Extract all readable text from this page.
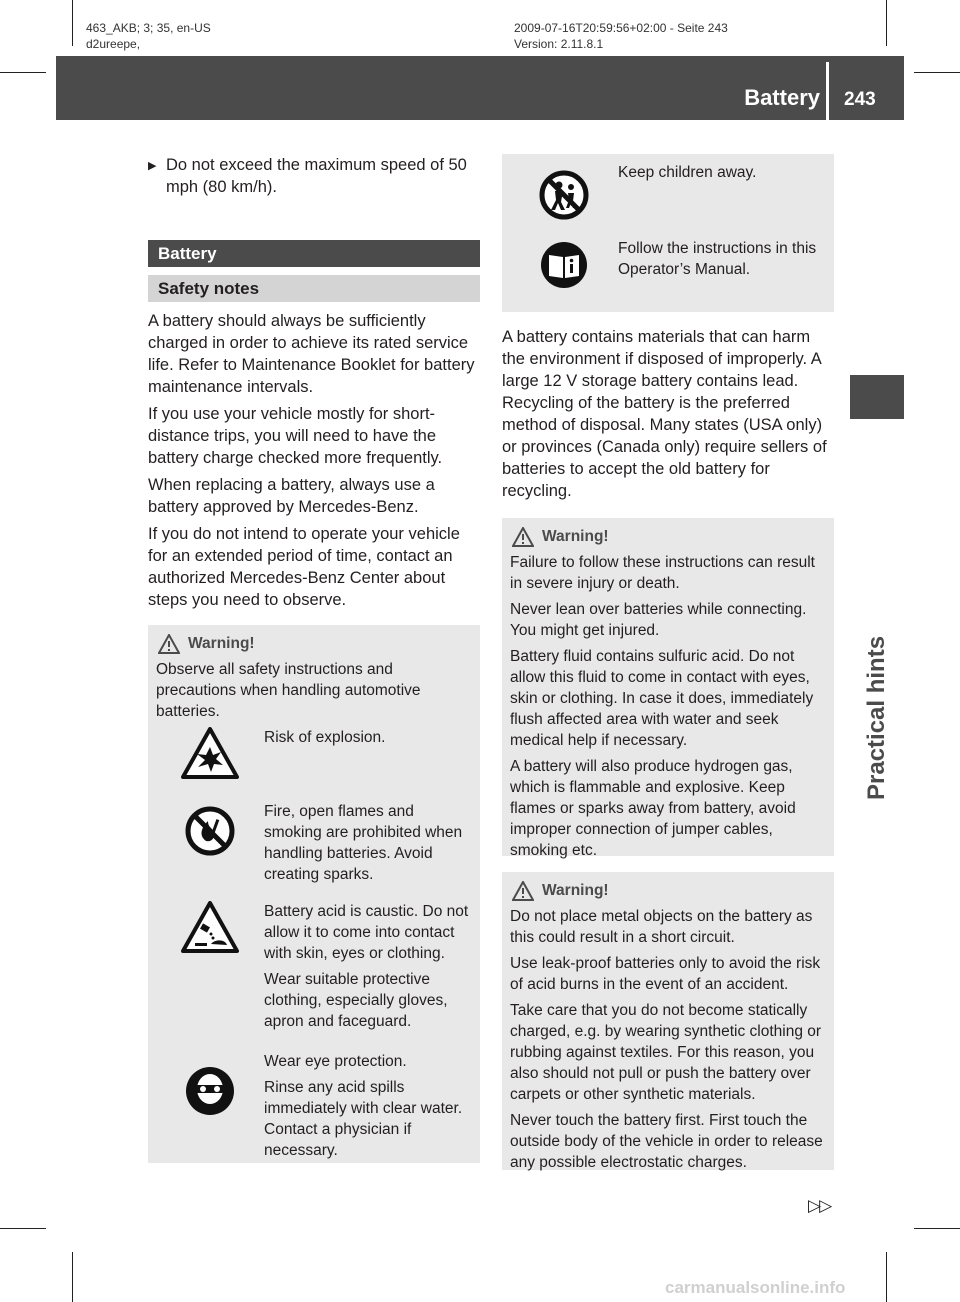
463_AKB; 3; 35, en-US
d2ureepe,
2009-07-16T20:59:56+02:00 - Seite 243
Version: 2.11.8.1
Battery 243
Practical hints
▶ Do not exceed the maximum speed of 50 mph (80 km/h).
Battery
Safety notes

A battery should always be sufficiently charged in order to achieve its rated service life. Refer to Maintenance Booklet for battery maintenance intervals.

If you use your vehicle mostly for short-distance trips, you will need to have the battery charge checked more frequently.

When replacing a battery, always use a battery approved by Mercedes-Benz.

If you do not intend to operate your vehicle for an extended period of time, contact an authorized Mercedes-Benz Center about steps you need to observe.

Warning!

Observe all safety instructions and precautions when handling automotive batteries.

Risk of explosion.

Fire, open flames and smoking are prohibited when handling batteries. Avoid creating sparks.

Battery acid is caustic. Do not allow it to come into contact with skin, eyes or clothing.

Wear suitable protective clothing, especially gloves, apron and faceguard.

Wear eye protection.

Rinse any acid spills immediately with clear water. Contact a physician if necessary.

Keep children away.

Follow the instructions in this Operator’s Manual.

A battery contains materials that can harm the environment if disposed of improperly. A large 12 V storage battery contains lead. Recycling of the battery is the preferred method of disposal. Many states (USA only) or provinces (Canada only) require sellers of batteries to accept the old battery for recycling.

Warning!

Failure to follow these instructions can result in severe injury or death.

Never lean over batteries while connecting. You might get injured.

Battery fluid contains sulfuric acid. Do not allow this fluid to come in contact with eyes, skin or clothing. In case it does, immediately flush affected area with water and seek medical help if necessary.

A battery will also produce hydrogen gas, which is flammable and explosive. Keep flames or sparks away from battery, avoid improper connection of jumper cables, smoking etc.

Warning!

Do not place metal objects on the battery as this could result in a short circuit.

Use leak-proof batteries only to avoid the risk of acid burns in the event of an accident.

Take care that you do not become statically charged, e.g. by wearing synthetic clothing or rubbing against textiles. For this reason, you also should not pull or push the battery over carpets or other synthetic materials.

Never touch the battery first. First touch the outside body of the vehicle in order to release any possible electrostatic charges.

▷▷
carmanualsonline.info
